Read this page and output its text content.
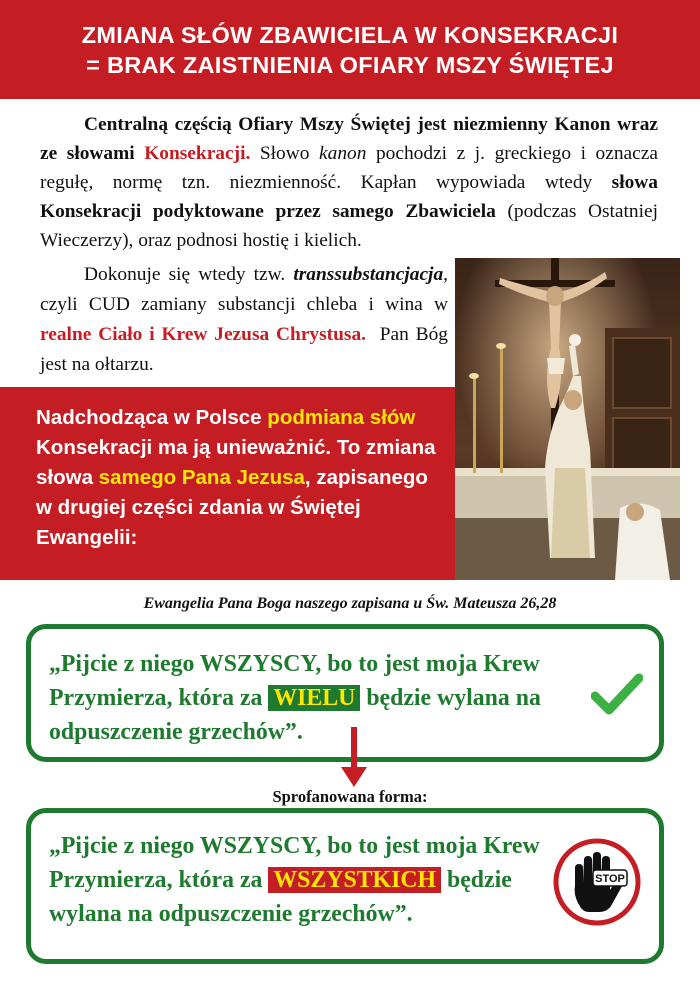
ZMIANA SŁÓW ZBAWICIELA W KONSEKRACJI
= BRAK ZAISTNIENIA OFIARY MSZY ŚWIĘTEJ

Centralną częścią Ofiary Mszy Świętej jest niezmienny Kanon wraz ze słowami Konsekracji. Słowo kanon pochodzi z j. greckiego i oznacza regułę, normę tzn. niezmienność. Kapłan wypowiada wtedy słowa Konsekracji podyktowane przez samego Zbawiciela (podczas Ostatniej Wieczerzy), oraz podnosi hostię i kielich.

Dokonuje się wtedy tzw. transsubstancjacja, czyli CUD zamiany substancji chleba i wina w realne Ciało i Krew Jezusa Chrystusa. Pan Bóg jest na ołtarzu.

Nadchodząca w Polsce podmiana słów Konsekracji ma ją unieważnić. To zmiana słowa samego Pana Jezusa, zapisanego w drugiej części zdania w Świętej Ewangelii:

Ewangelia Pana Boga naszego zapisana u Św. Mateusza 26,28

„Pijcie z niego WSZYSCY, bo to jest moja Krew Przymierza, która za WIELU będzie wylana na odpuszczenie grzechów”.

Sprofanowana forma:

„Pijcie z niego WSZYSCY, bo to jest moja Krew Przymierza, która za WSZYSTKICH będzie wylana na odpuszczenie grzechów”.

STOP
